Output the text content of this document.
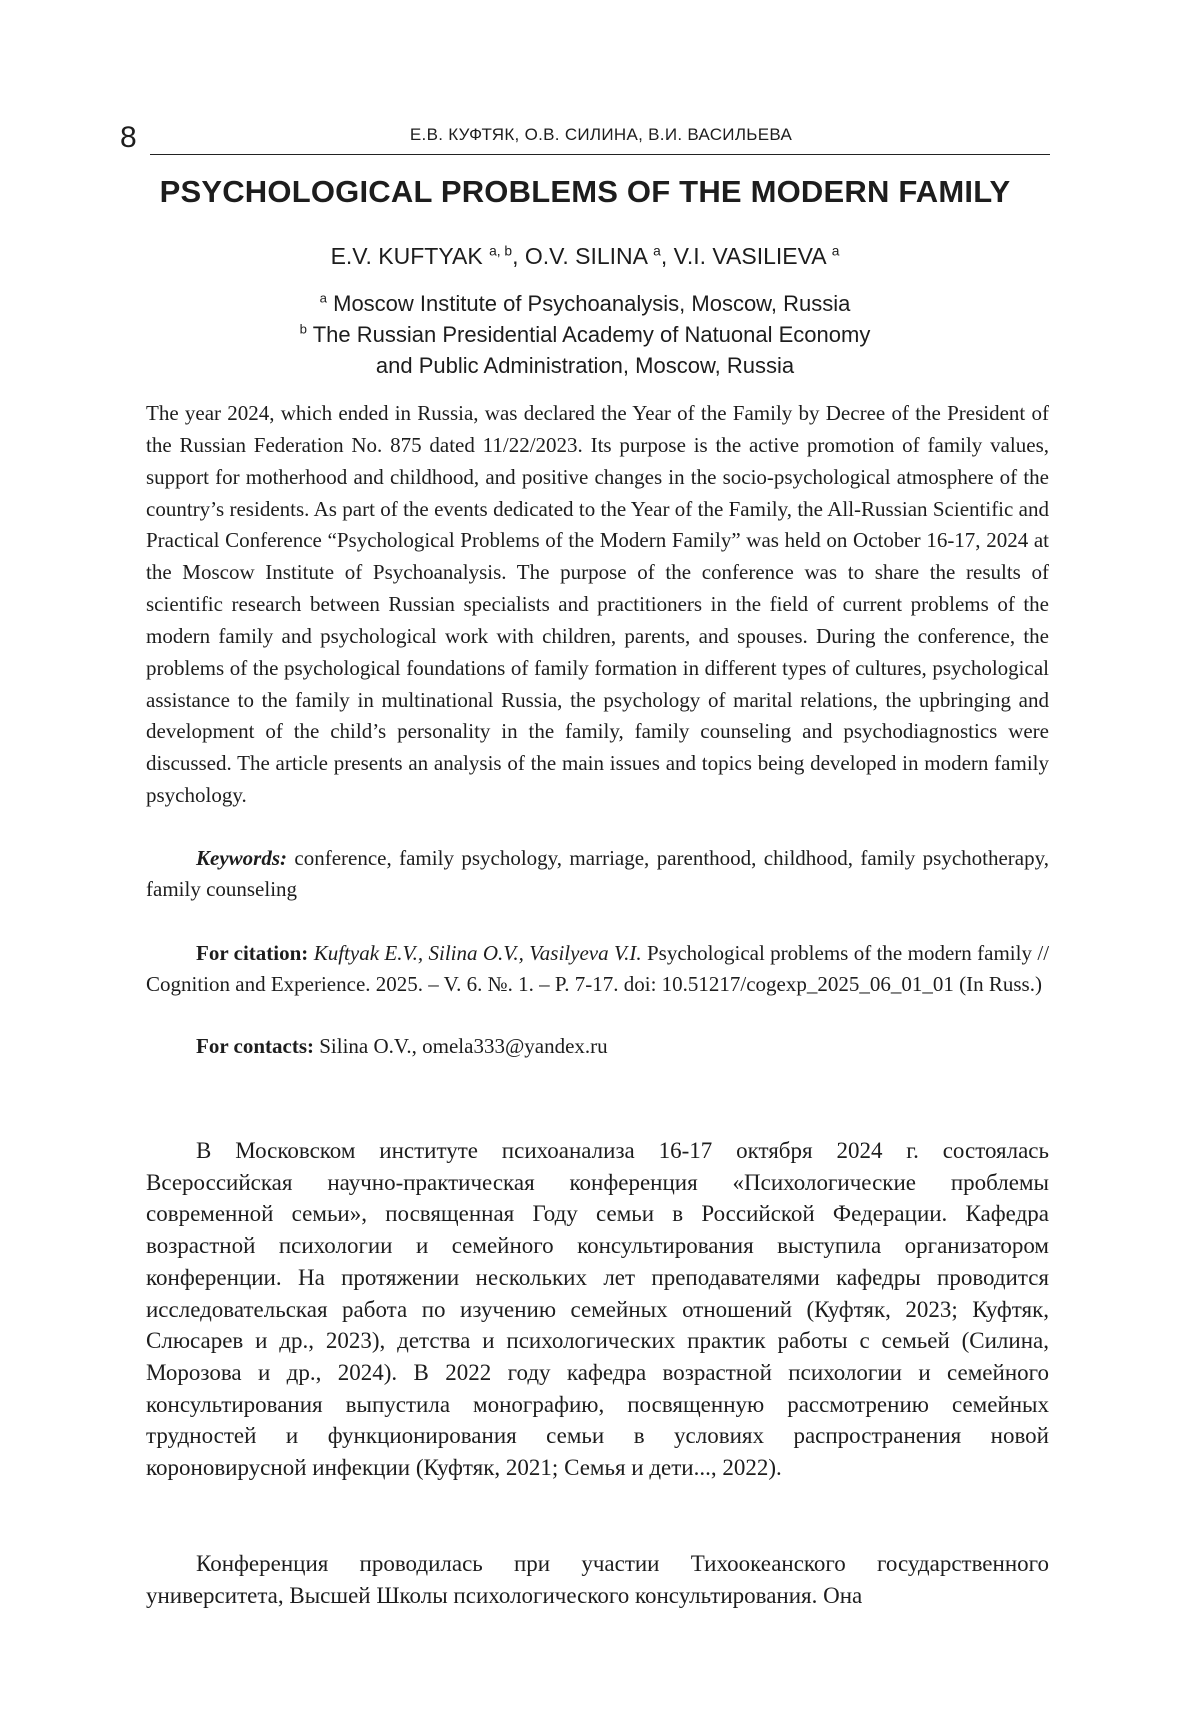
8	Е.В. КУФТЯК, О.В. СИЛИНА, В.И. ВАСИЛЬЕВА
PSYCHOLOGICAL PROBLEMS OF THE MODERN FAMILY
E.V. KUFTYAK $^{a, b}$, O.V. SILINA $^a$, V.I. VASILIEVA $^a$
$^a$ Moscow Institute of Psychoanalysis, Moscow, Russia
$^b$ The Russian Presidential Academy of Natuonal Economy
and Public Administration, Moscow, Russia

The year 2024, which ended in Russia, was declared the Year of the Family by Decree of the President of the Russian Federation No. 875 dated 11/22/2023. Its purpose is the active promotion of family values, support for motherhood and childhood, and positive changes in the socio-psychological atmosphere of the country’s residents. As part of the events dedicated to the Year of the Family, the All-Russian Scientific and Practical Conference “Psychological Problems of the Modern Family” was held on October 16-17, 2024 at the Moscow Institute of Psychoanalysis. The purpose of the conference was to share the results of scientific research between Russian specialists and practitioners in the field of current problems of the modern family and psychological work with children, parents, and spouses. During the conference, the problems of the psychological foundations of family formation in different types of cultures, psychological assistance to the family in multinational Russia, the psychology of marital relations, the upbringing and development of the child’s personality in the family, family counseling and psychodiagnostics were discussed. The article presents an analysis of the main issues and topics being developed in modern family psychology.

Keywords: conference, family psychology, marriage, parenthood, childhood, family psychotherapy, family counseling

For citation: Kuftyak E.V., Silina O.V., Vasilyeva V.I. Psychological problems of the modern family // Cognition and Experience. 2025. – V. 6. №. 1. – P. 7-17. doi: 10.51217/cogexp_2025_06_01_01 (In Russ.)

For contacts: Silina O.V., omela333@yandex.ru

В Московском институте психоанализа 16-17 октября 2024 г. состоялась Всероссийская научно-практическая конференция «Психологические проблемы современной семьи», посвященная Году семьи в Российской Федерации. Кафедра возрастной психологии и семейного консультирования выступила организатором конференции. На протяжении нескольких лет преподавателями кафедры проводится исследовательская работа по изучению семейных отношений (Куфтяк, 2023; Куфтяк, Слюсарев и др., 2023), детства и психологических практик работы с семьей (Силина, Морозова и др., 2024). В 2022 году кафедра возрастной психологии и семейного консультирования выпустила монографию, посвященную рассмотрению семейных трудностей и функционирования семьи в условиях распространения новой короновирусной инфекции (Куфтяк, 2021; Семья и дети..., 2022).

Конференция проводилась при участии Тихоокеанского государственного университета, Высшей Школы психологического консультирования. Она
